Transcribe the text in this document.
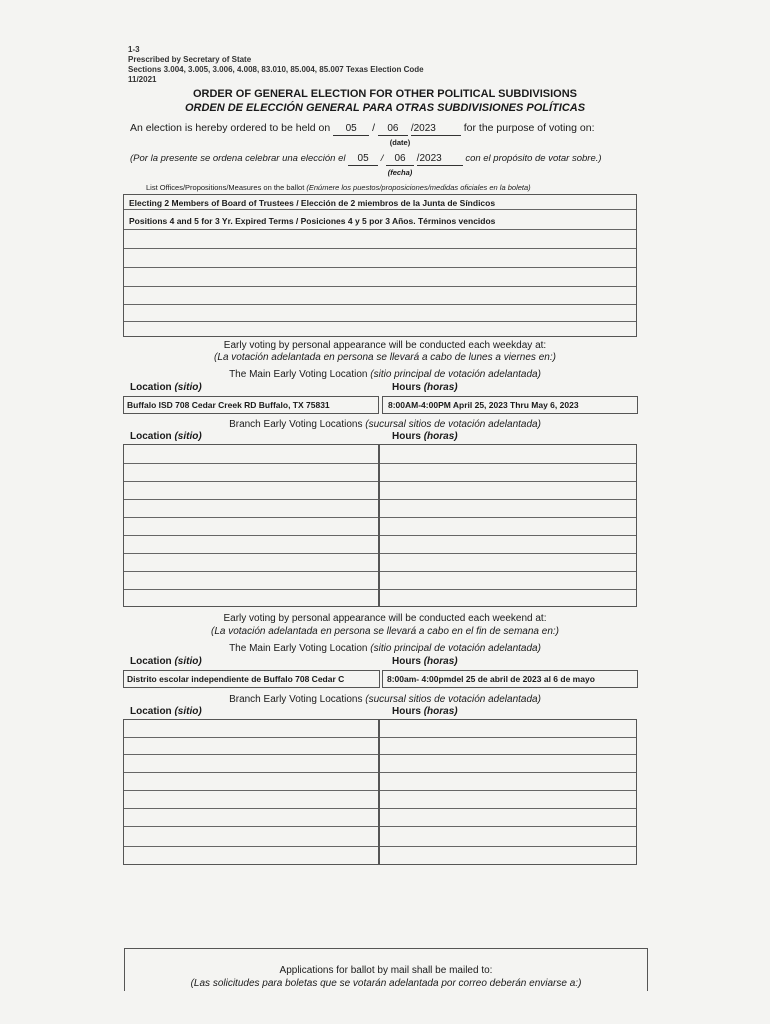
1-3
Prescribed by Secretary of State
Sections 3.004, 3.005, 3.006, 4.008, 83.010, 85.004, 85.007 Texas Election Code
11/2021
ORDER OF GENERAL ELECTION FOR OTHER POLITICAL SUBDIVISIONS
ORDEN DE ELECCIÓN GENERAL PARA OTRAS SUBDIVISIONES POLÍTICAS
An election is hereby ordered to be held on 05 / 06 /2023	for the purpose of voting on:
(date)
(Por la presente se ordena celebrar una elección el 05 / 06 /2023 con el propósito de votar sobre.)
(fecha)
List Offices/Propositions/Measures on the ballot (Enúmere los puestos/proposiciones/medidas oficiales en la boleta)
Electing 2 Members of Board of Trustees / Elección de 2 miembros de la Junta de Síndicos
Positions 4 and 5 for 3 Yr. Expired Terms / Posiciones 4 y 5 por 3 Años. Términos vencidos
Early voting by personal appearance will be conducted each weekday at:
(La votación adelantada en persona se llevará a cabo de lunes a viernes en:)
The Main Early Voting Location (sitio principal de votación adelantada)
Location (sitio)	Hours (horas)
Buffalo ISD 708 Cedar Creek RD Buffalo, TX 75831	8:00AM-4:00PM April 25, 2023 Thru May 6, 2023
Branch Early Voting Locations (sucursal sitios de votación adelantada)
Location (sitio)	Hours (horas)
Early voting by personal appearance will be conducted each weekend at:
(La votación adelantada en persona se llevará a cabo en el fin de semana en:)
The Main Early Voting Location (sitio principal de votación adelantada)
Location (sitio)	Hours (horas)
Distrito escolar independiente de Buffalo 708 Cedar C	8:00am- 4:00pmdel 25 de abril de 2023 al 6 de mayo
Branch Early Voting Locations (sucursal sitios de votación adelantada)
Location (sitio)	Hours (horas)
Applications for ballot by mail shall be mailed to:
(Las solicitudes para boletas que se votarán adelantada por correo deberán enviarse a:)
